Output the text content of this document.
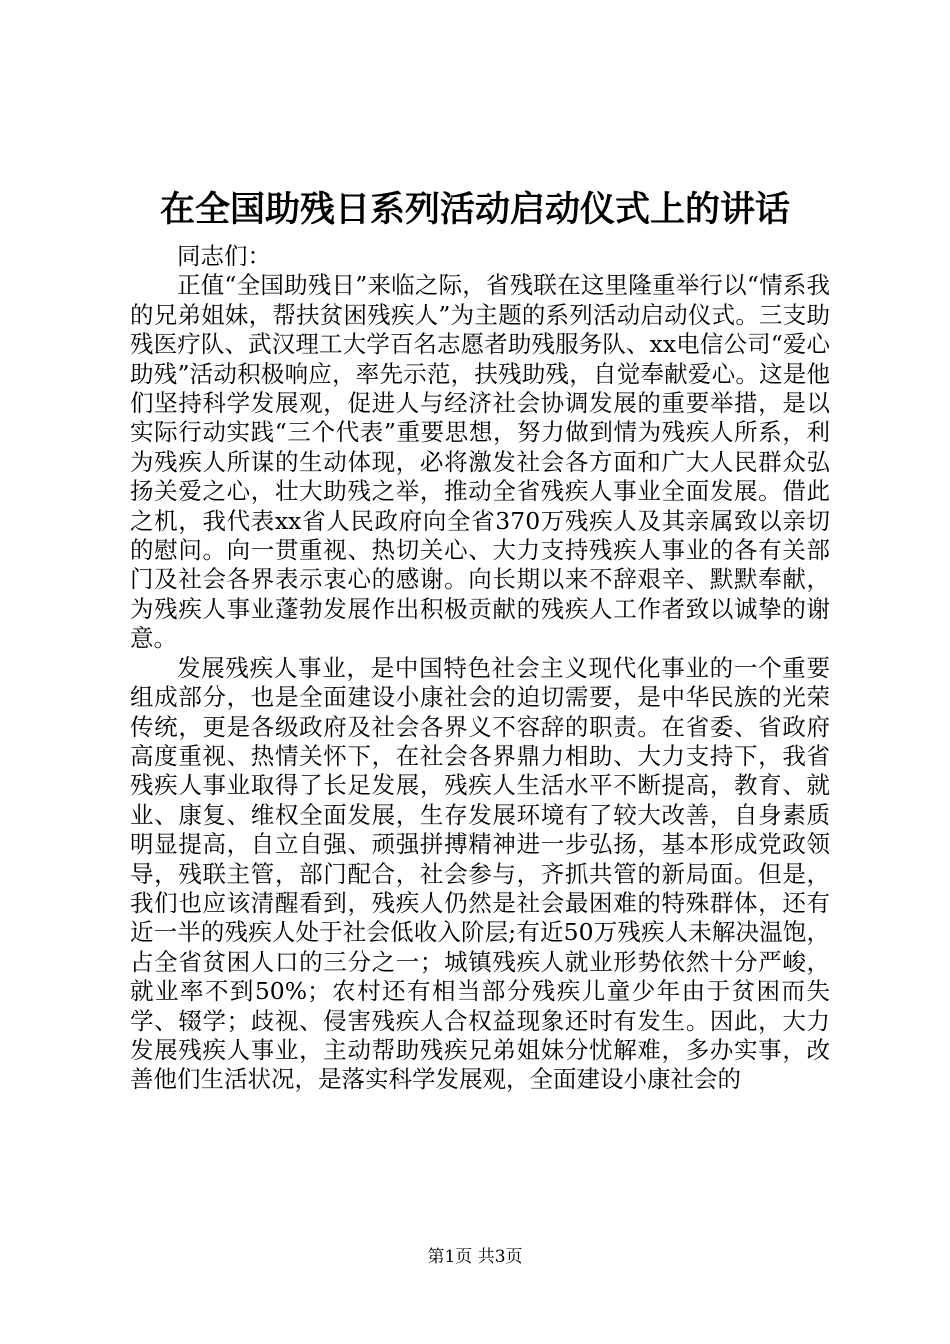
在全国助残日系列活动启动仪式上的讲话

同志们：

正值“全国助残日”来临之际，省残联在这里隆重举行以“情系我的兄弟姐妹，帮扶贫困残疾人”为主题的系列活动启动仪式。三支助残医疗队、武汉理工大学百名志愿者助残服务队、xx电信公司“爱心助残”活动积极响应，率先示范，扶残助残，自觉奉献爱心。这是他们坚持科学发展观，促进人与经济社会协调发展的重要举措，是以实际行动实践“三个代表”重要思想，努力做到情为残疾人所系，利为残疾人所谋的生动体现，必将激发社会各方面和广大人民群众弘扬关爱之心，壮大助残之举，推动全省残疾人事业全面发展。借此之机，我代表xx省人民政府向全省370万残疾人及其亲属致以亲切的慰问。向一贯重视、热切关心、大力支持残疾人事业的各有关部门及社会各界表示衷心的感谢。向长期以来不辞艰辛、默默奉献，为残疾人事业蓬勃发展作出积极贡献的残疾人工作者致以诚挚的谢意。

发展残疾人事业，是中国特色社会主义现代化事业的一个重要组成部分，也是全面建设小康社会的迫切需要，是中华民族的光荣传统，更是各级政府及社会各界义不容辞的职责。在省委、省政府高度重视、热情关怀下，在社会各界鼎力相助、大力支持下，我省残疾人事业取得了长足发展，残疾人生活水平不断提高，教育、就业、康复、维权全面发展，生存发展环境有了较大改善，自身素质明显提高，自立自强、顽强拼搏精神进一步弘扬，基本形成党政领导，残联主管，部门配合，社会参与，齐抓共管的新局面。但是，我们也应该清醒看到，残疾人仍然是社会最困难的特殊群体，还有近一半的残疾人处于社会低收入阶层;有近50万残疾人未解决温饱，占全省贫困人口的三分之一；城镇残疾人就业形势依然十分严峻，就业率不到50%；农村还有相当部分残疾儿童少年由于贫困而失学、辍学；歧视、侵害残疾人合权益现象还时有发生。因此，大力发展残疾人事业，主动帮助残疾兄弟姐妹分忧解难，多办实事，改善他们生活状况，是落实科学发展观，全面建设小康社会的

第1页 共3页
